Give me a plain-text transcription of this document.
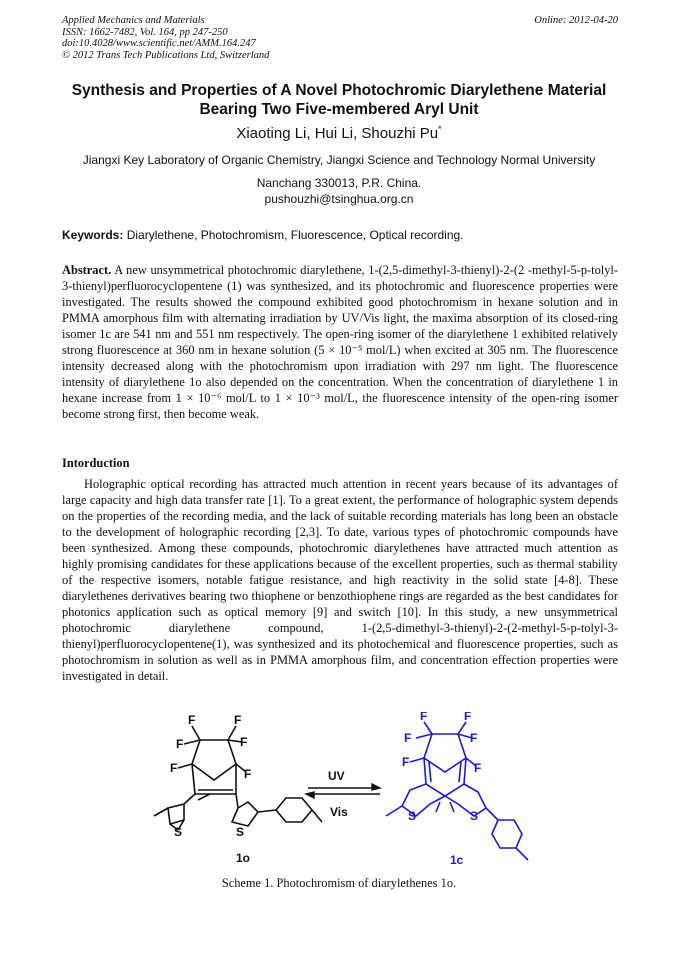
Applied Mechanics and Materials
ISSN: 1662-7482, Vol. 164, pp 247-250
doi:10.4028/www.scientific.net/AMM.164.247
© 2012 Trans Tech Publications Ltd, Switzerland
Online: 2012-04-20
Synthesis and Properties of A Novel Photochromic Diarylethene Material
Bearing Two Five-membered Aryl Unit
Xiaoting Li, Hui Li, Shouzhi Pu*
Jiangxi Key Laboratory of Organic Chemistry, Jiangxi Science and Technology Normal University
Nanchang 330013, P.R. China.
pushouzhi@tsinghua.org.cn
Keywords: Diarylethene, Photochromism, Fluorescence, Optical recording.
Abstract. A new unsymmetrical photochromic diarylethene, 1-(2,5-dimethyl-3-thienyl)-2-(2 -methyl-5-p-tolyl-3-thienyl)perfluorocyclopentene (1) was synthesized, and its photochromic and fluorescence properties were investigated. The results showed the compound exhibited good photochromism in hexane solution and in PMMA amorphous film with alternating irradiation by UV/Vis light, the maxima absorption of its closed-ring isomer 1c are 541 nm and 551 nm respectively. The open-ring isomer of the diarylethene 1 exhibited relatively strong fluorescence at 360 nm in hexane solution (5 × 10⁻⁵ mol/L) when excited at 305 nm. The fluorescence intensity decreased along with the photochromism upon irradiation with 297 nm light. The fluorescence intensity of diarylethene 1o also depended on the concentration. When the concentration of diarylethene 1 in hexane increase from 1 × 10⁻⁶ mol/L to 1 × 10⁻³ mol/L, the fluorescence intensity of the open-ring isomer become strong first, then become weak.
Intorduction
Holographic optical recording has attracted much attention in recent years because of its advantages of large capacity and high data transfer rate [1]. To a great extent, the performance of holographic system depends on the properties of the recording media, and the lack of suitable recording materials has long been an obstacle to the development of holographic recording [2,3]. To date, various types of photochromic compounds have been synthesized. Among these compounds, photochromic diarylethenes have attracted much attention as highly promising candidates for these applications because of the excellent properties, such as thermal stability of the respective isomers, notable fatigue resistance, and high reactivity in the solid state [4-8]. These diarylethenes derivatives bearing two thiophene or benzothiophene rings are regarded as the best candidates for photonics application such as optical memory [9] and switch [10]. In this study, a new unsymmetrical photochromic diarylethene compound, 1-(2,5-dimethyl-3-thienyl)-2-(2-methyl-5-p-tolyl-3-thienyl)perfluorocyclopentene(1), was synthesized and its photochemical and fluorescence properties, such as photochromism in solution as well as in PMMA amorphous film, and concentration effection properties were investigated in detail.
F
F
F
F
F	F
S	S
1o
UV
Vis
F
F
F
F
F	F
S	S
1c
Scheme 1. Photochromism of diarylethenes 1o.
